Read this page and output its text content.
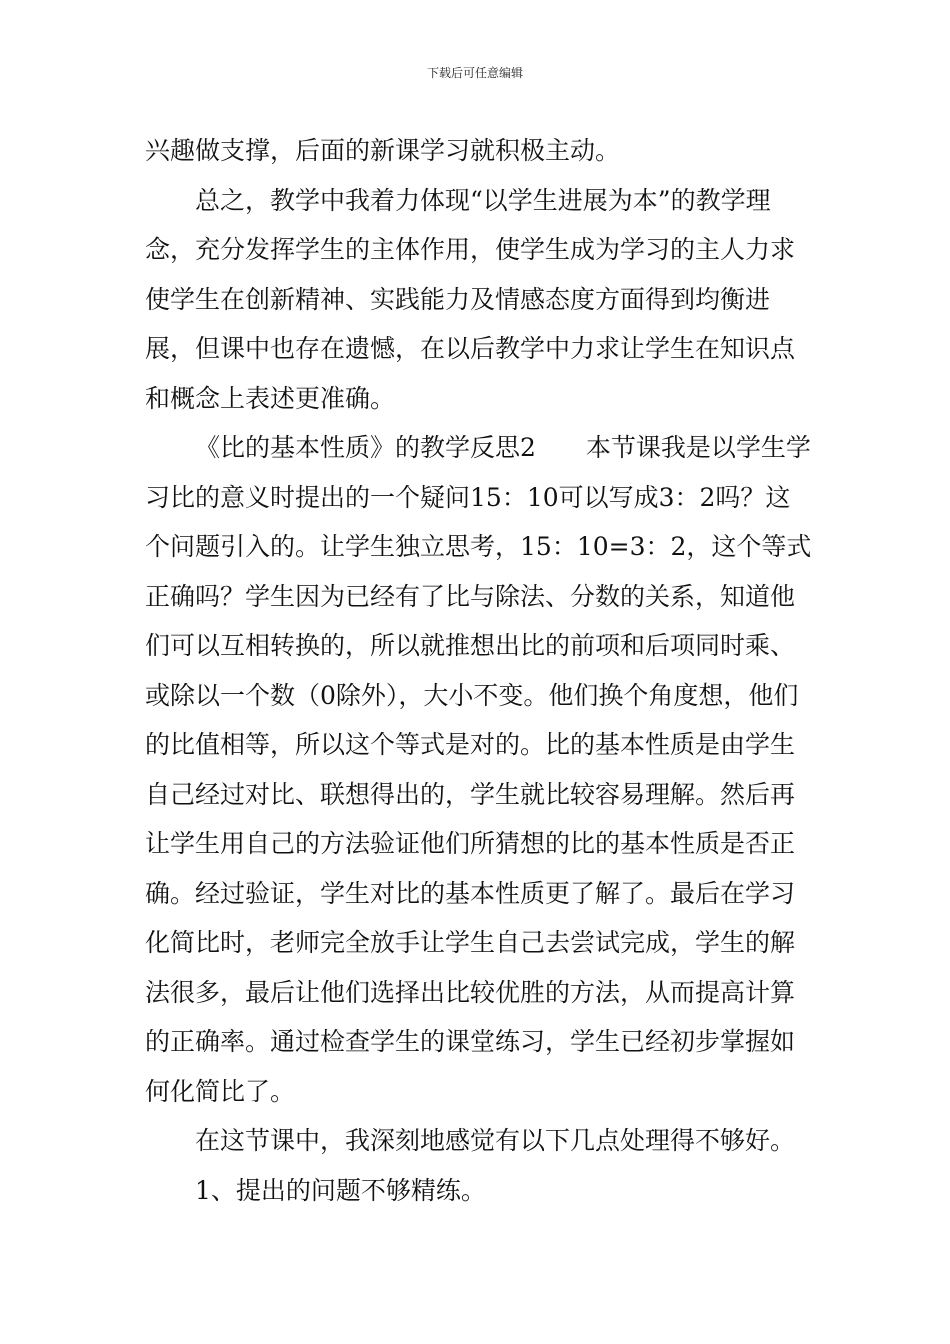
下载后可任意编辑

兴趣做支撑，后面的新课学习就积极主动。

总之，教学中我着力体现“以学生进展为本”的教学理念，充分发挥学生的主体作用，使学生成为学习的主人力求使学生在创新精神、实践能力及情感态度方面得到均衡进展，但课中也存在遗憾，在以后教学中力求让学生在知识点和概念上表述更准确。

《比的基本性质》的教学反思2 本节课我是以学生学习比的意义时提出的一个疑问15：10可以写成3：2吗？这个问题引入的。让学生独立思考，15：10=3：2，这个等式正确吗？学生因为已经有了比与除法、分数的关系，知道他们可以互相转换的，所以就推想出比的前项和后项同时乘、或除以一个数（0除外），大小不变。他们换个角度想，他们的比值相等，所以这个等式是对的。比的基本性质是由学生自己经过对比、联想得出的，学生就比较容易理解。然后再让学生用自己的方法验证他们所猜想的比的基本性质是否正确。经过验证，学生对比的基本性质更了解了。最后在学习化简比时，老师完全放手让学生自己去尝试完成，学生的解法很多，最后让他们选择出比较优胜的方法，从而提高计算的正确率。通过检查学生的课堂练习，学生已经初步掌握如何化简比了。

在这节课中，我深刻地感觉有以下几点处理得不够好。

1、提出的问题不够精练。
